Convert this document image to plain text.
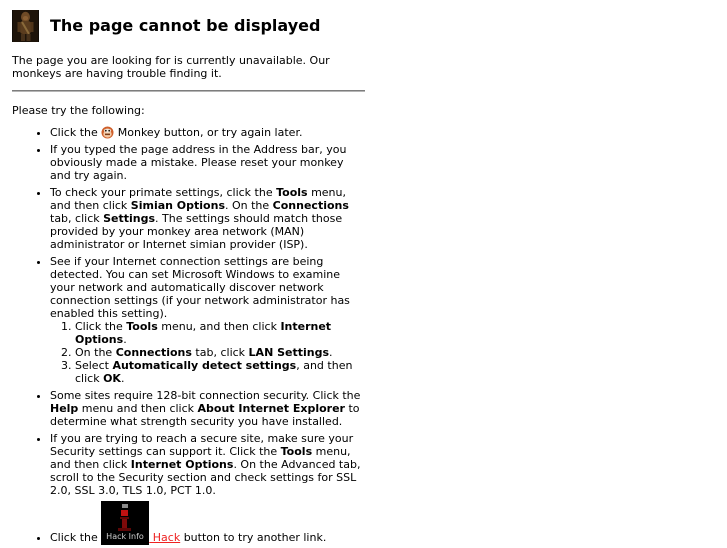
The page cannot be displayed

The page you are looking for is currently unavailable. Our monkeys are having trouble finding it.

Please try the following:

• Click the  Monkey button, or try again later.
• If you typed the page address in the Address bar, you obviously made a mistake. Please reset your monkey and try again.
• To check your primate settings, click the Tools menu, and then click Simian Options. On the Connections tab, click Settings. The settings should match those provided by your monkey area network (MAN) administrator or Internet simian provider (ISP).
• See if your Internet connection settings are being detected. You can set Microsoft Windows to examine your network and automatically discover network connection settings (if your network administrator has enabled this setting).
1. Click the Tools menu, and then click Internet Options.
2. On the Connections tab, click LAN Settings.
3. Select Automatically detect settings, and then click OK.
• Some sites require 128-bit connection security. Click the Help menu and then click About Internet Explorer to determine what strength security you have installed.
• If you are trying to reach a secure site, make sure your Security settings can support it. Click the Tools menu, and then click Internet Options. On the Advanced tab, scroll to the Security section and check settings for SSL 2.0, SSL 3.0, TLS 1.0, PCT 1.0.
• Click the Hack Info Hack button to try another link.
